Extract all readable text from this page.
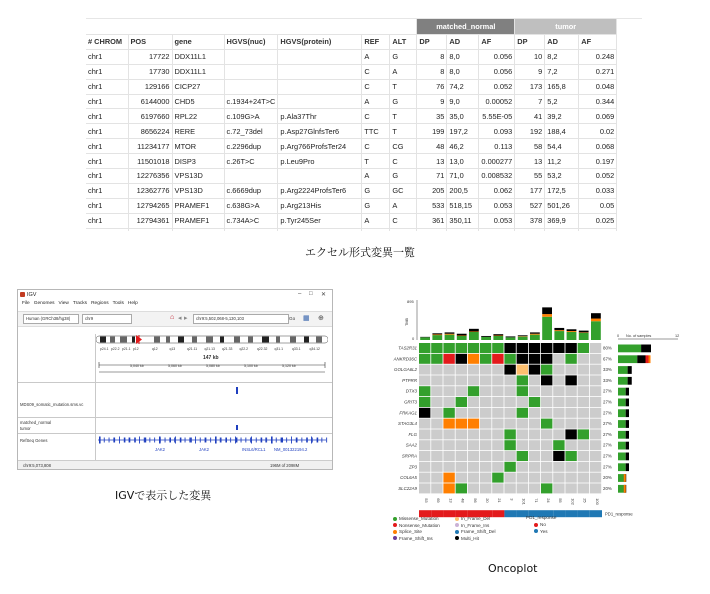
							matched_normal			tumor		
# CHROM	POS	gene	HGVS(nuc)	HGVS(protein)	REF	ALT	DP	AD	AF	DP	AD	AF
chr1	17722	DDX11L1			A	G	8	8,0	0.056	10	8,2	0.248
chr1	17730	DDX11L1			C	A	8	8,0	0.056	9	7,2	0.271
chr1	129166	CICP27			C	T	76	74,2	0.052	173	165,8	0.048
chr1	6144000	CHD5	c.1934+24T>C		A	G	9	9,0	0.00052	7	5,2	0.344
chr1	6197660	RPL22	c.109G>A	p.Ala37Thr	C	T	35	35,0	5.55E-05	41	39,2	0.069
chr1	8656224	RERE	c.72_73del	p.Asp27GlnfsTer6	TTC	T	199	197,2	0.093	192	188,4	0.02
chr1	11234177	MTOR	c.2296dup	p.Arg766ProfsTer24	C	CG	48	46,2	0.113	58	54,4	0.068
chr1	11501018	DISP3	c.26T>C	p.Leu9Pro	T	C	13	13,0	0.000277	13	11,2	0.197
chr1	12276356	VPS13D			A	G	71	71,0	0.008532	55	53,2	0.052
chr1	12362776	VPS13D	c.6669dup	p.Arg2224ProfsTer6	G	GC	205	200,5	0.062	177	172,5	0.033
chr1	12794265	PRAMEF1	c.638G>A	p.Arg213His	G	A	533	518,15	0.053	527	501,26	0.05
chr1	12794361	PRAMEF1	c.734A>C	p.Tyr245Ser	A	C	361	350,11	0.053	378	369,9	0.025

エクセル形式変異一覧
IGV	– □ ✕
File Genomes View Tracks Regions Tools Help
Human (GRCh38/hg38)	chr9	chr9:5,502,068-5,130,103	Go
⌂ ◂ ▸	▦ ⊕
147 kb
MDS09_somatic_mutation.sms.vc
matched_normal
tumor
RefSeq Genes
JAK2	JAK2	INSL6/RCL1 NM_001322194.2
chr9:5,073,808	196M of 2098M
p24.1 p22.2 p21.1 p12	q12	q13	q21.11 q21.13 q21.33 q22.2	q22.32 q31.1	q33.1	q34.12
5,040 kb	5,060 kb	5,080 kb	5,100 kb	5,120 kb
IGVで表示した変異
895
0
TMB
TAS2R31	80%
ANKRD36C	67%
GOLGA6L2	33%
PTPRR	33%
DTX3	27%
GRIT3	27%
FRKAG1	27%
STAG3L4	27%
FLG	27%
SAA2	27%
SRPRA	27%
ZP3	27%
COL6A5	20%
SLC22A9	20%
53 69 13 48 56 20 21 3 101 71 24 55 102 25 100
PD1_response
0	12
No. of samples
Missense_Mutation
Nonsense_Mutation
Splice_Site
Frame_Shift_Ins
In_Frame_Del
In_Frame_Ins
Frame_Shift_Del
Multi_Hit
PD1_response
No
Yes
Oncoplot
